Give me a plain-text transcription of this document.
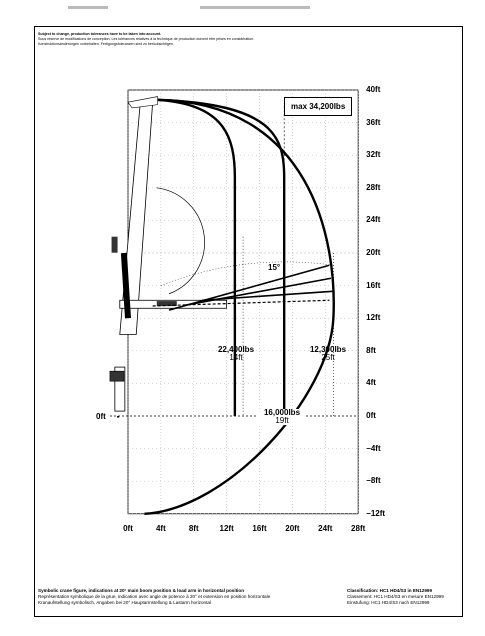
Subject to change, production tolerances have to be taken into account.
Sous réserve de modifications de conception. Les tolérances relatives à la technique de production doivent être prises en considération.
Konstruktionsänderungen vorbehalten. Fertigungstoleranzen sind zu berücksichtigen.
40ft
36ft
32ft
28ft
24ft
20ft
16ft
12ft
8ft
4ft
0ft
−4ft
−8ft
−12ft
0ft	4ft	8ft	12ft 16ft 20ft 24ft 28ft
0ft
max 34,200lbs
15°
22,400lbs
14ft
12,300lbs
25ft
16,000lbs
19ft
Symbolic crane figure, indications at 20° main boom position & load arm in horizontal position
Représentation symbolique de la grue, indication avec angle de potence à 20° et extension en position horizontale
Kranaufstellung symbolisch, Angaben bei 20° Hauptarmstellung & Lastarm horizontal
Classification: HC1 HD4/S3 in EN12999
Classement: HC1 HD4/S3 en mesure EN12999
Einstufung: HC1 HD4/S3 nach EN12999
